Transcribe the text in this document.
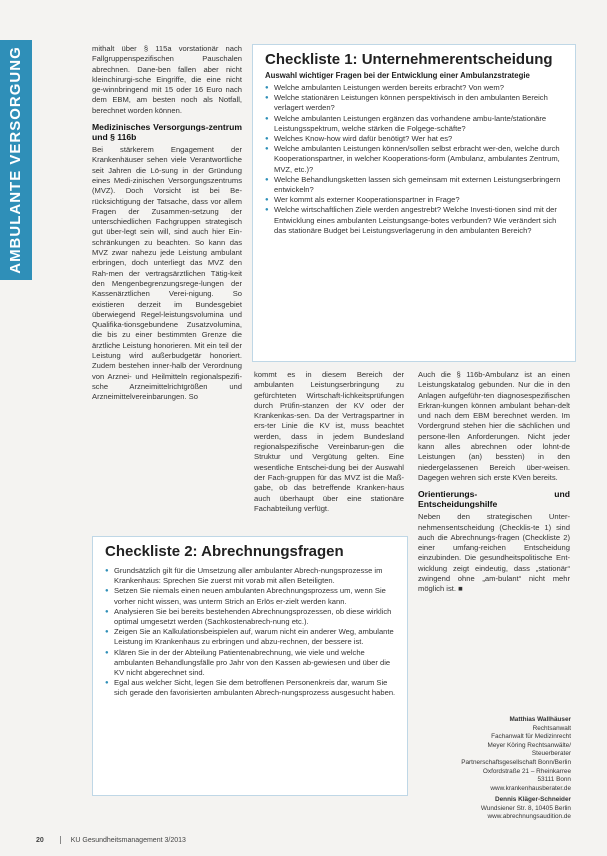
AMBULANTE VERSORGUNG	mithalt über § 115a vorstationär nach Fallgruppenspezifischen Pauschalen abrechnen. Dane-ben fallen aber nicht kleinchirurgi-sche Eingriffe, die eine nicht ge-winnbringend mit 15 oder 16 Euro nach dem EBM, am besten noch als Notfall, berechnet worden können.

Medizinisches Versorgungs-zentrum und § 116b

Bei stärkerem Engagement der Krankenhäuser sehen viele Verantwortliche seit Jahren die Lö-sung in der Gründung eines Medi-zinischen Versorgungszentrums (MVZ). Doch Vorsicht ist bei Be-rücksichtigung der Tatsache, dass vor allem Fragen der Zusammen-setzung der unterschiedlichen Fachgruppen strategisch gut über-legt sein will, sind auch hier Ein-schränkungen zu beachten. So kann das MVZ zwar nahezu jede Leistung ambulant erbringen, doch unterliegt das MVZ den Rah-men der vertragsärztlichen Tätig-keit den Mengenbegrenzungsrege-lungen der Kassenärztlichen Verei-nigung. So existieren derzeit im Bundesgebiet überwiegend Regel-leistungsvolumina und Qualifika-tionsgebundene Zusatzvolumina, die bis zu einer bestimmten Grenze die ärztliche Leistung honorieren. Mit ein teil der Leistung wird außerbudgetär honoriert. Zudem bestehen inner-halb der Verordnung von Arznei- und Heilmitteln regionalspezifi-sche Arzneimittelrichtgrößen und Arzneimittelvereinbarungen. So

Checkliste 1: Unternehmerentscheidung
Auswahl wichtiger Fragen bei der Entwicklung einer Ambulanzstrategie
● Welche ambulanten Leistungen werden bereits erbracht? Von wem?
● Welche stationären Leistungen können perspektivisch in den ambulanten Bereich verlagert werden?
● Welche ambulanten Leistungen ergänzen das vorhandene ambu-lante/stationäre Leistungsspektrum, welche stärken die Folgege-schäfte?
● Welches Know-how wird dafür benötigt? Wer hat es?
● Welche ambulanten Leistungen können/sollen selbst erbracht wer-den, welche durch Kooperationspartner, in welcher Kooperations-form (Ambulanz, ambulantes Zentrum, MVZ, etc.)?
● Welche Behandlungsketten lassen sich gemeinsam mit externen Leistungserbringern entwickeln?
● Wer kommt als externer Kooperationspartner in Frage?
● Welche wirtschaftlichen Ziele werden angestrebt? Welche Investi-tionen sind mit der Entwicklung eines ambulanten Leistungsange-botes verbunden? Wie verändert sich das stationäre Budget bei Leistungsverlagerung in den ambulanten Bereich?

kommt es in diesem Bereich der ambulanten Leistungserbringung zu gefürchteten Wirtschaft-lichkeitsprüfungen durch Prüfin-stanzen der KV oder der Krankenkas-sen. Da der Vertragspartner in ers-ter Linie die KV ist, muss beachtet werden, dass in jedem Bundesland regionalspezifische Vereinbarun-gen die Struktur und Vergütung gelten. Eine wesentliche Entschei-dung bei der Auswahl der Fach-gruppen für das MVZ ist die Maß-gabe, ob das betreffende Kranken-haus auch überhaupt über eine stationäre Fachabteilung verfügt.

Auch die § 116b-Ambulanz ist an einen Leistungskatalog gebunden. Nur die in den Anlagen aufgeführ-ten diagnosespezifischen Erkran-kungen können ambulant behan-delt und nach dem EBM berechnet werden. Im Vordergrund stehen hier die sächlichen und persone-llen Anforderungen. Nicht jeder kann alles abrechnen oder lohnt-de Leistungen (an) bessten) in den niedergelassenen Bereich über-weisen. Dagegen wehren sich erste KVen bereits.

Orientierungs- und Entscheidungshilfe

Neben den strategischen Unter-nehmensentscheidung (Checklis-te 1) sind auch die Abrechnungs-fragen (Checkliste 2) einer umfang-reichen Entscheidung einzubinden. Die gesundheitspolitische Ent-wicklung zeigt eindeutig, dass „stationär“ zwingend ohne „am-bulant“ nicht mehr möglich ist. ■

Checkliste 2: Abrechnungsfragen
● Grundsätzlich gilt für die Umsetzung aller ambulanter Abrech-nungsprozesse im Krankenhaus: Sprechen Sie zuerst mit vorab mit allen Beteiligten.
● Setzen Sie niemals einen neuen ambulanten Abrechnungsprozess um, wenn Sie vorher nicht wissen, was unterm Strich an Erlös er-zielt werden kann.
● Analysieren Sie bei bereits bestehenden Abrechnungsprozessen, ob diese wirklich optimal umgesetzt werden (Sachkostenabrech-nung etc.).
● Zeigen Sie an Kalkulationsbeispielen auf, warum nicht ein anderer Weg, ambulante Leistung im Krankenhaus zu erbringen und abzu-rechnen, der bessere ist.
● Klären Sie in der der Abteilung Patientenabrechnung, wie viele und welche ambulanten Behandlungsfälle pro Jahr von den Kassen ab-gewiesen und über die KV nicht abgerechnet sind.
● Egal aus welcher Sicht, legen Sie dem betroffenen Personenkreis dar, warum Sie sich gerade den favorisierten ambulanten Abrech-nungsprozess ausgesucht haben.
Matthias Wallhäuser
Rechtsanwalt
Fachanwalt für Medizinrecht
Meyer Köring Rechtsanwälte/
Steuerberater
Partnerschaftsgesellschaft Bonn/Berlin
Oxfordstraße 21 – Rheinkarree
53111 Bonn
www.krankenhausberater.de
Dennis Kläger-Schneider
Wundsiener Str. 8, 10405 Berlin
www.abrechnungsaudition.de
20	KU Gesundheitsmanagement 3/2013
